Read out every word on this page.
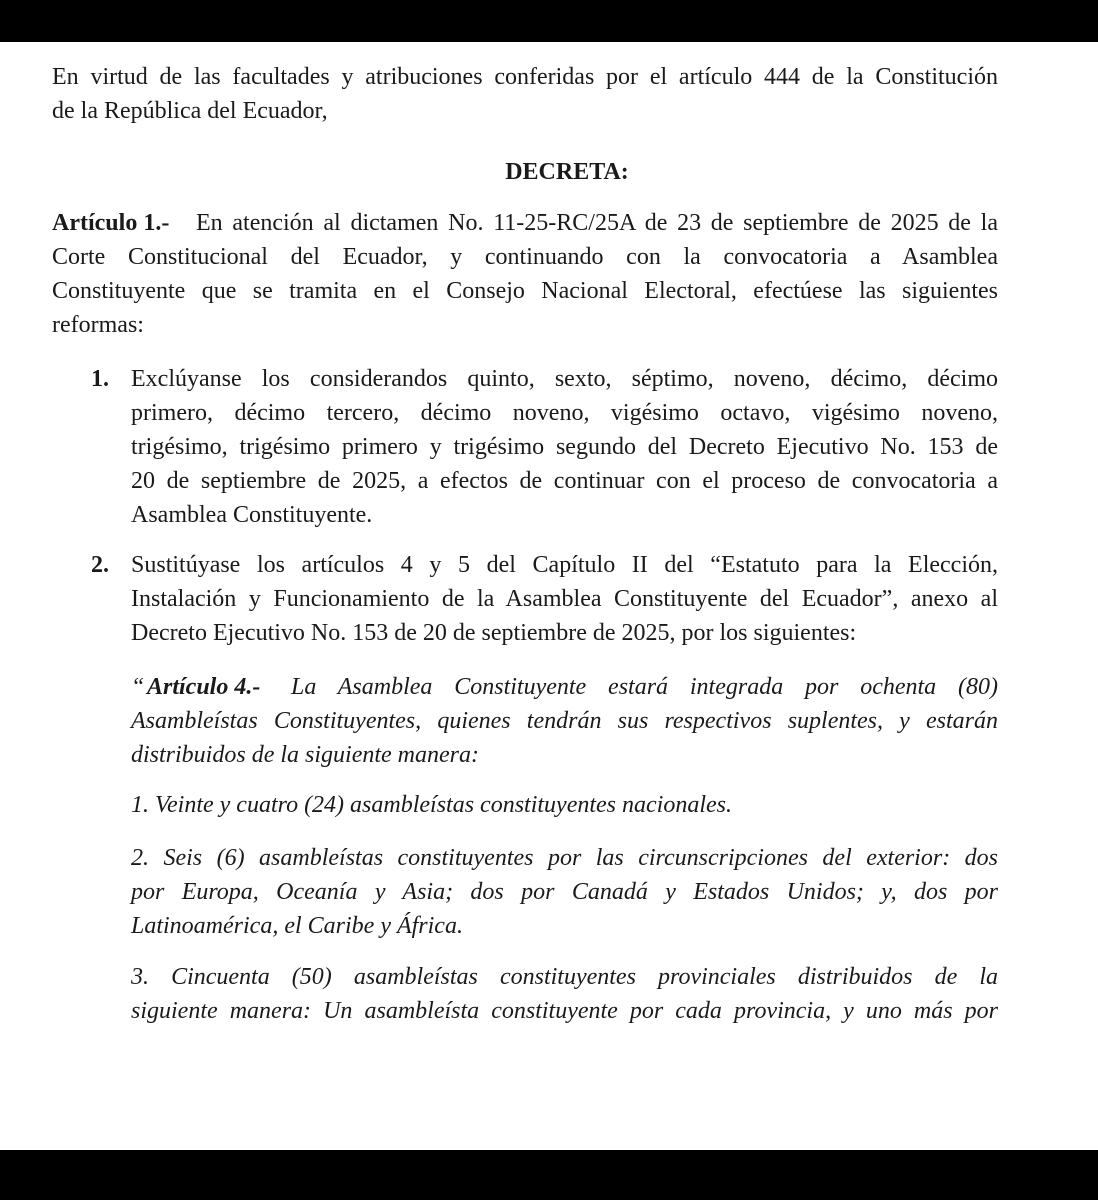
En virtud de las facultades y atribuciones conferidas por el artículo 444 de la Constitución

de la República del Ecuador,

DECRETA:

Artículo 1.-	En atención al dictamen No. 11-25-RC/25A de 23 de septiembre de 2025 de la

Corte Constitucional del Ecuador, y continuando con la convocatoria a Asamblea

Constituyente que se tramita en el Consejo Nacional Electoral, efectúese las siguientes

reformas:

1. Exclúyanse los considerandos quinto, sexto, séptimo, noveno, décimo, décimo

primero, décimo tercero, décimo noveno, vigésimo octavo, vigésimo noveno,

trigésimo, trigésimo primero y trigésimo segundo del Decreto Ejecutivo No. 153 de

20 de septiembre de 2025, a efectos de continuar con el proceso de convocatoria a

Asamblea Constituyente.

2. Sustitúyase los artículos 4 y 5 del Capítulo II del “Estatuto para la Elección,

Instalación y Funcionamiento de la Asamblea Constituyente del Ecuador”, anexo al

Decreto Ejecutivo No. 153 de 20 de septiembre de 2025, por los siguientes:

“ Artículo 4.-	La Asamblea Constituyente estará integrada por ochenta (80)

Asambleístas Constituyentes, quienes tendrán sus respectivos suplentes, y estarán

distribuidos de la siguiente manera:

1. Veinte y cuatro (24) asambleístas constituyentes nacionales.

2. Seis (6) asambleístas constituyentes por las circunscripciones del exterior: dos

por Europa, Oceanía y Asia; dos por Canadá y Estados Unidos; y, dos por

Latinoamérica, el Caribe y África.

3. Cincuenta (50) asambleístas constituyentes provinciales distribuidos de la

siguiente manera: Un asambleísta constituyente por cada provincia, y uno más por
